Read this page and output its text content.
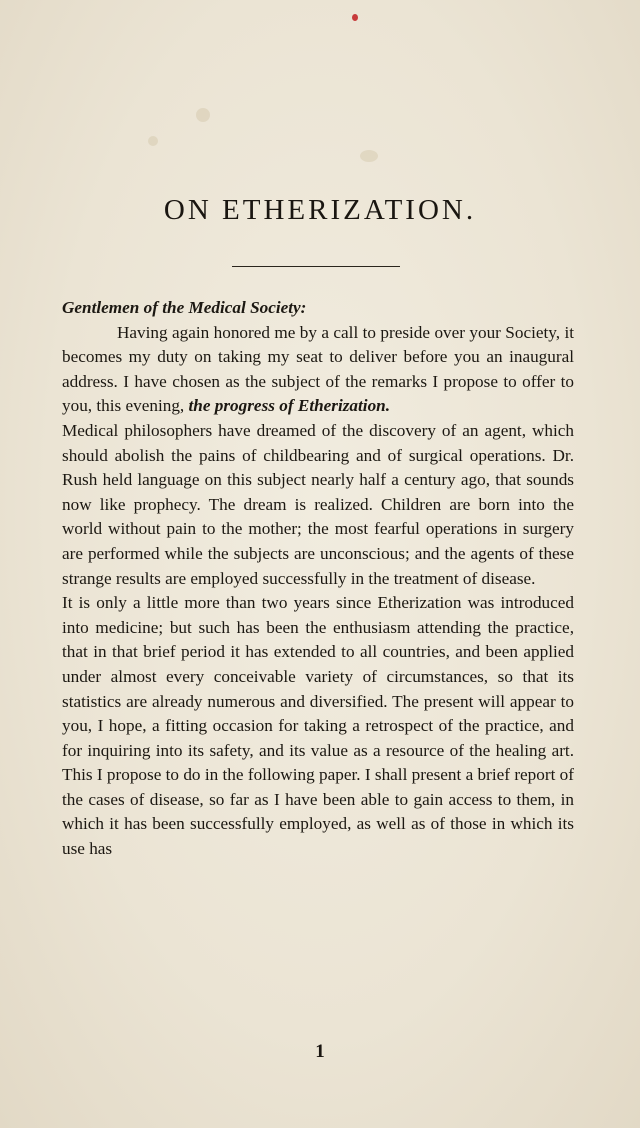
ON ETHERIZATION.

Gentlemen of the Medical Society:

Having again honored me by a call to preside over your Society, it becomes my duty on taking my seat to deliver before you an inaugural address. I have chosen as the subject of the remarks I propose to offer to you, this evening, the progress of Etherization.

Medical philosophers have dreamed of the discovery of an agent, which should abolish the pains of childbearing and of surgical operations. Dr. Rush held language on this subject nearly half a century ago, that sounds now like prophecy. The dream is realized. Children are born into the world without pain to the mother; the most fearful operations in surgery are performed while the subjects are unconscious; and the agents of these strange results are employed successfully in the treatment of disease.

It is only a little more than two years since Etherization was introduced into medicine; but such has been the enthusiasm attending the practice, that in that brief period it has extended to all countries, and been applied under almost every conceivable variety of circumstances, so that its statistics are already numerous and diversified. The present will appear to you, I hope, a fitting occasion for taking a retrospect of the practice, and for inquiring into its safety, and its value as a resource of the healing art. This I propose to do in the following paper. I shall present a brief report of the cases of disease, so far as I have been able to gain access to them, in which it has been successfully employed, as well as of those in which its use has

1
